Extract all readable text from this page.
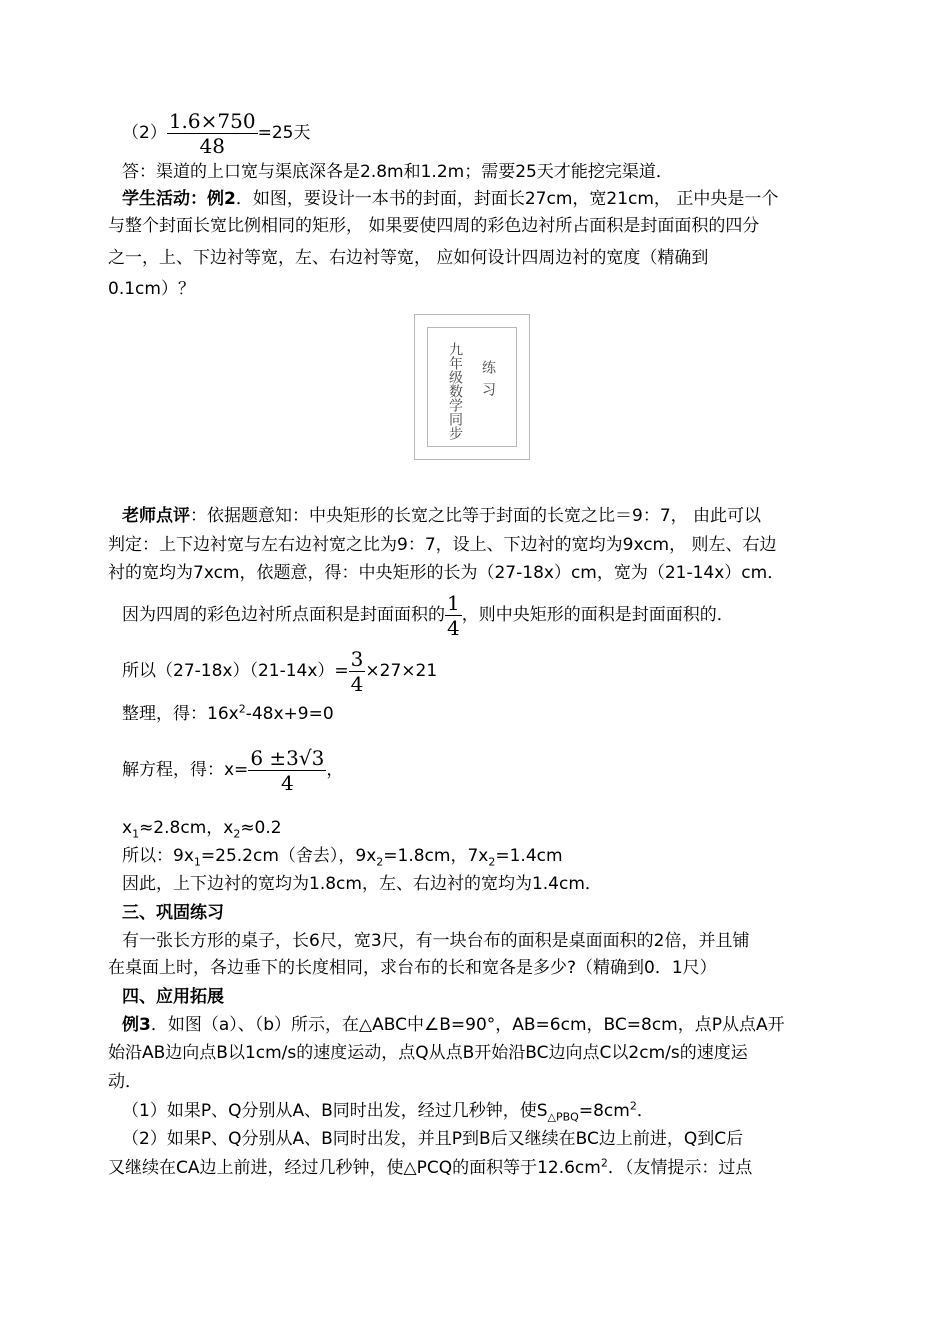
$(2) \frac{1.6\times 750}{48} =25$天
答：渠道的上口宽与渠底深各是2.8m和1.2m；需要25天才能挖完渠道．
学生活动：例2．如图，要设计一本书的封面，封面长27cm，宽21cm， 正中央是一个
与整个封面长宽比例相同的矩形， 如果要使四周的彩色边衬所占面积是封面面积的四分
之一，上、下边衬等宽，左、右边衬等宽， 应如何设计四周边衬的宽度（精确到
0.1cm）？
九年级数学同步 练习
老师点评：依据题意知：中央矩形的长宽之比等于封面的长宽之比＝9：7， 由此可以
判定：上下边衬宽与左右边衬宽之比为9：7，设上、下边衬的宽均为9xcm， 则左、右边
衬的宽均为7xcm，依题意，得：中央矩形的长为（27-18x）cm，宽为（21-14x）cm．
因为四周的彩色边衬所点面积是封面面积的 $\frac{1}{4}$ ，则中央矩形的面积是封面面积的．
所以$(27-18x)(21-14x)= \frac{3}{4} \times 27\times 21$
整理，得：$16x^2-48x+9=0$
解方程，得：$x= \frac{6 \pm 3√3}{4}$ ，
$x_1\approx 2.8cm$，$x_2\approx 0.2$
所以：$9x_1=25.2cm$（舍去），$9x_2=1.8cm$，$7x_2=1.4cm$
因此，上下边衬的宽均为1.8cm，左、右边衬的宽均为1.4cm．
三、巩固练习
有一张长方形的桌子，长6尺，宽3尺，有一块台布的面积是桌面面积的2倍，并且铺
在桌面上时，各边垂下的长度相同，求台布的长和宽各是多少?（精确到0．1尺）
四、应用拓展
例3．如图（a）、（b）所示，在△ABC中∠B=90°，AB=6cm，BC=8cm，点P从点A开
始沿AB边向点B以1cm/s的速度运动，点Q从点B开始沿BC边向点C以2cm/s的速度运
动．
（1）如果P、Q分别从A、B同时出发，经过几秒钟，使$S_{\triangle PBQ}=8cm^2$．
（2）如果P、Q分别从A、B同时出发，并且P到B后又继续在BC边上前进，Q到C后
又继续在CA边上前进，经过几秒钟，使△PCQ的面积等于$12.6cm^2$．（友情提示：过点
